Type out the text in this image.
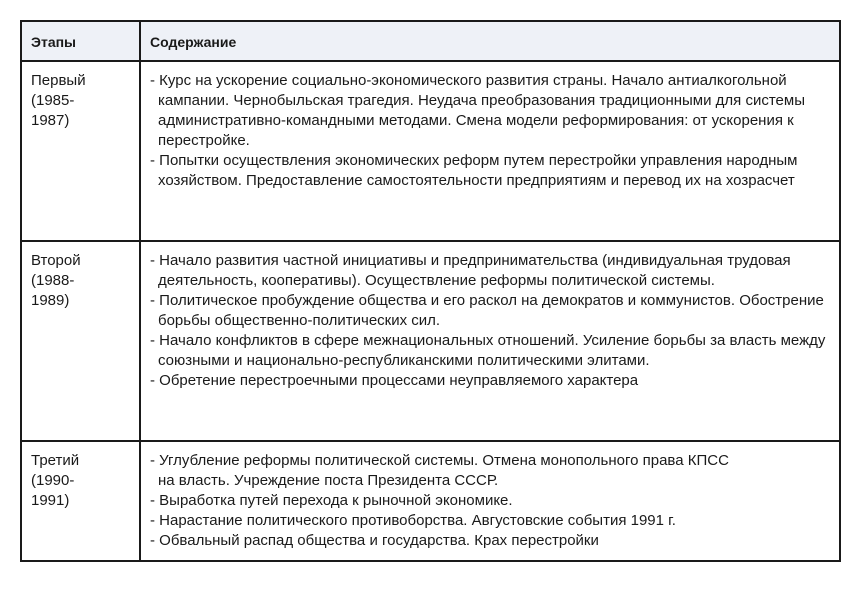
Этапы	Содержание
Первый
(1985-1987)
- Курс на ускорение социально-экономического развития страны. Начало антиалкогольной кампании. Чернобыльская трагедия. Неудача преобразования традиционными для системы административно-командными методами. Смена модели реформирования: от ускорения к перестройке.
- Попытки осуществления экономических реформ путем перестройки управления народным хозяйством. Предоставление самостоятельности предприятиям и перевод их на хозрасчет
Второй
(1988-1989)
- Начало развития частной инициативы и предпринимательства (индивидуальная трудовая деятельность, кооперативы). Осуществление реформы политической системы.
- Политическое пробуждение общества и его раскол на демократов и коммунистов. Обострение борьбы общественно-политических сил.
- Начало конфликтов в сфере межнациональных отношений. Усиление борьбы за власть между союзными и национально-республиканскими политическими элитами.
- Обретение перестроечными процессами неуправляемого характера
Третий
(1990-1991)
- Углубление реформы политической системы. Отмена монопольного права КПСС на власть. Учреждение поста Президента СССР.
- Выработка путей перехода к рыночной экономике.
- Нарастание политического противоборства. Августовские события 1991 г.
- Обвальный распад общества и государства. Крах перестройки
